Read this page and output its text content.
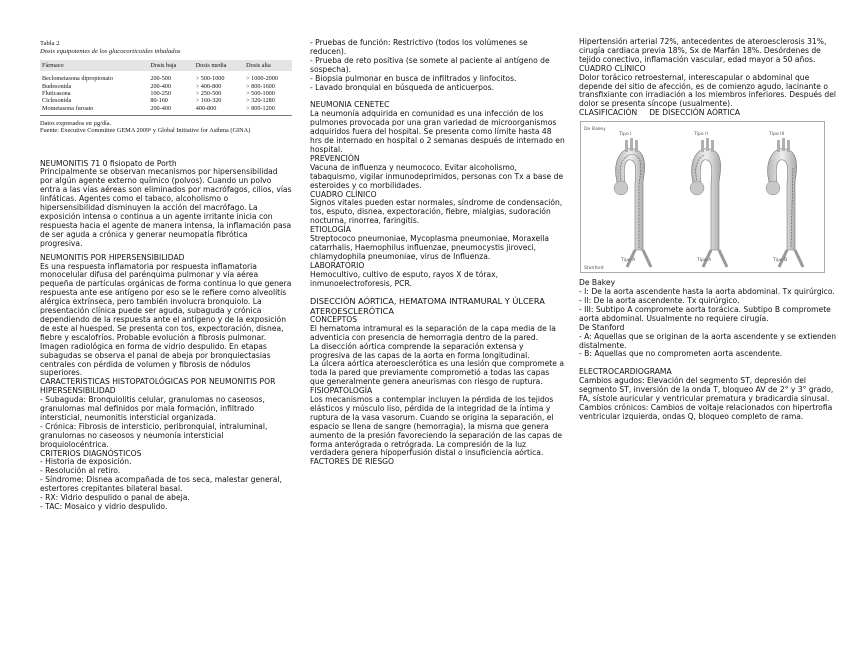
Tabla 2
Dosis equipotentes de los glucocorticoides inhalados
Fármaco	Dosis baja	Dosis media	Dosis alta
Beclometasona dipropionato	200-500	> 500-1000	> 1000-2000
Budesonida	200-400	> 400-800	> 800-1600
Fluticasona	100-250	> 250-500	> 500-1000
Ciclesonida	80-160	> 160-320	> 320-1280
Mometasona furoato	200-400	400-800	> 800-1200
Datos expresados en µg/día.
Fuente: Executive Committee GEMA 2009⁵ y Global Initiative for Asthma (GINA)

NEUMONITIS 71 0 fisiopato de Porth

Principalmente se observan mecanismos por hipersensibilidad por algún agente externo químico (polvos). Cuando un polvo entra a las vías aéreas son eliminados por macrófagos, cilios, vías linfáticas. Agentes como el tabaco, alcoholismo o hipersensibilidad disminuyen la acción del macrófago. La exposición intensa o continua a un agente irritante inicia con respuesta hacia el agente de manera intensa, la inflamación pasa de ser aguda a crónica y generar neumopatía fibrótica progresiva.

NEUMONITIS POR HIPERSENSIBILIDAD

Es una respuesta inflamatoria por respuesta inflamatoria monocelular difusa del parénquima pulmonar y vía aérea pequeña de partículas orgánicas de forma continua lo que genera respuesta ante ese antígeno por eso se le refiere como alveolitis alérgica extrínseca, pero también involucra bronquiolo. La presentación clínica puede ser aguda, subaguda y crónica dependiendo de la respuesta ante el antígeno y de la exposición de este al huesped. Se presenta con tos, expectoración, disnea, fiebre y escalofríos. Probable evolución a fibrosis pulmonar. Imagen radiológica en forma de vidrio despulido. En etapas subagudas se observa el panal de abeja por bronquiectasias centrales con pérdida de volumen y fibrosis de nódulos superiores.

CARACTERISTICAS HISTOPATOLÓGICAS POR NEUMONITIS POR HIPERSENSIBILIDAD

- Subaguda: Bronquiolitis celular, granulomas no caseosos, granulomas mal definidos por mala formación, infiltrado intersticial, neumonitis intersticial organizada.

- Crónica: Fibrosis de intersticio, peribronquial, intraluminal, granulomas no caseosos y neumonía intersticial broquiolocéntrica.

CRITERIOS DIAGNÓSTICOS

- Historia de exposición.

- Resolución al retiro.

- Síndrome: Disnea acompañada de tos seca, malestar general, estertores crepitantes bilateral basal.

- RX: Vidrio despulido o panal de abeja.

- TAC: Mosaico y vidrio despulido.

- Pruebas de función: Restrictivo (todos los volúmenes se reducen).

- Prueba de reto positiva (se somete al paciente al antígeno de sospecha).

- Biopsia pulmonar en busca de infiltrados y linfocitos.

- Lavado bronquial en búsqueda de anticuerpos.

NEUMONIA CENETEC

La neumonía adquirida en comunidad es una infección de los pulmones provocada por una gran variedad de microorganismos adquiridos fuera del hospital. Se presenta como límite hasta 48 hrs de internado en hospital o 2 semanas después de internado en hospital.

PREVENCIÓN

Vacuna de influenza y neumococo. Evitar alcoholismo, tabaquismo, vigilar inmunodeprimidos, personas con Tx a base de esteroides y co morbilidades.

CUADRO CLÍNICO

Signos vitales pueden estar normales, síndrome de condensación, tos, esputo, disnea, expectoración, fiebre, mialgias, sudoración nocturna, rinorrea, faringitis.

ETIOLOGÍA

Streptococo pneumoniae, Mycoplasma pneumoniae, Moraxella catarrhalis, Haemophilus influenzae, pneumocystis jiroveci, chlamydophila pneumoniae, virus de Influenza.

LABORATORIO

Hemocultivo, cultivo de esputo, rayos X de tórax, inmunoelectroforesis, PCR.

DISECCIÓN AÓRTICA, HEMATOMA INTRAMURAL Y ÚLCERA ATEROESCLERÓTICA

CONCEPTOS

El hematoma intramural es la separación de la capa media de la adventicia con presencia de hemorragia dentro de la pared.

La disección aórtica comprende la separación extensa y progresiva de las capas de la aorta en forma longitudinal.

La úlcera aórtica ateroesclerótica es una lesión que compromete a toda la pared que previamente comprometió a todas las capas que generalmente genera aneurismas con riesgo de ruptura.

FISIOPATOLOGÍA

Los mecanismos a contemplar incluyen la pérdida de los tejidos elásticos y músculo liso, pérdida de la integridad de la íntima y ruptura de la vasa vasorum. Cuando se origina la separación, el espacio se llena de sangre (hemorragia), la misma que genera aumento de la presión favoreciendo la separación de las capas de forma anterógrada o retrógrada. La compresión de la luz verdadera genera hipoperfusión distal o insuficiencia aórtica.

FACTORES DE RIESGO

Hipertensión arterial 72%, antecedentes de ateroesclerosis 31%, cirugía cardiaca previa 18%, Sx de Marfán 18%. Desórdenes de tejido conectivo, inflamación vascular, edad mayor a 50 años.

CUADRO CLÍNICO

Dolor torácico retroesternal, interescapular o abdominal que depende del sitio de afección, es de comienzo agudo, lacinante o transfixiante con irradiación a los miembros inferiores. Después del dolor se presenta síncope (usualmente).

CLASIFICACIÓN     DE DISECCIÓN AÓRTICA

De Bakey
Tipo I	Tipo II	Tipo III
Stanford
Tipo A	Tipo A	Tipo B

De Bakey

- I: De la aorta ascendente hasta la aorta abdominal. Tx quirúrgico.

- II: De la aorta ascendente. Tx quirúrgico.

- III: Subtipo A compromete aorta torácica. Subtipo B compromete aorta abdominal. Usualmente no requiere cirugía.

De Stanford

- A: Aquellas que se originan de la aorta ascendente y se extienden distalmente.

- B: Aquellas que no comprometen aorta ascendente.

ELECTROCARDIOGRAMA

Cambios agudos: Elevación del segmento ST, depresión del segmento ST, inversión de la onda T, bloqueo AV de 2° y 3° grado, FA, sístole auricular y ventricular prematura y bradicardia sinusal.

Cambios crónicos: Cambios de voltaje relacionados con hipertrofia ventricular izquierda, ondas Q, bloqueo completo de rama.
